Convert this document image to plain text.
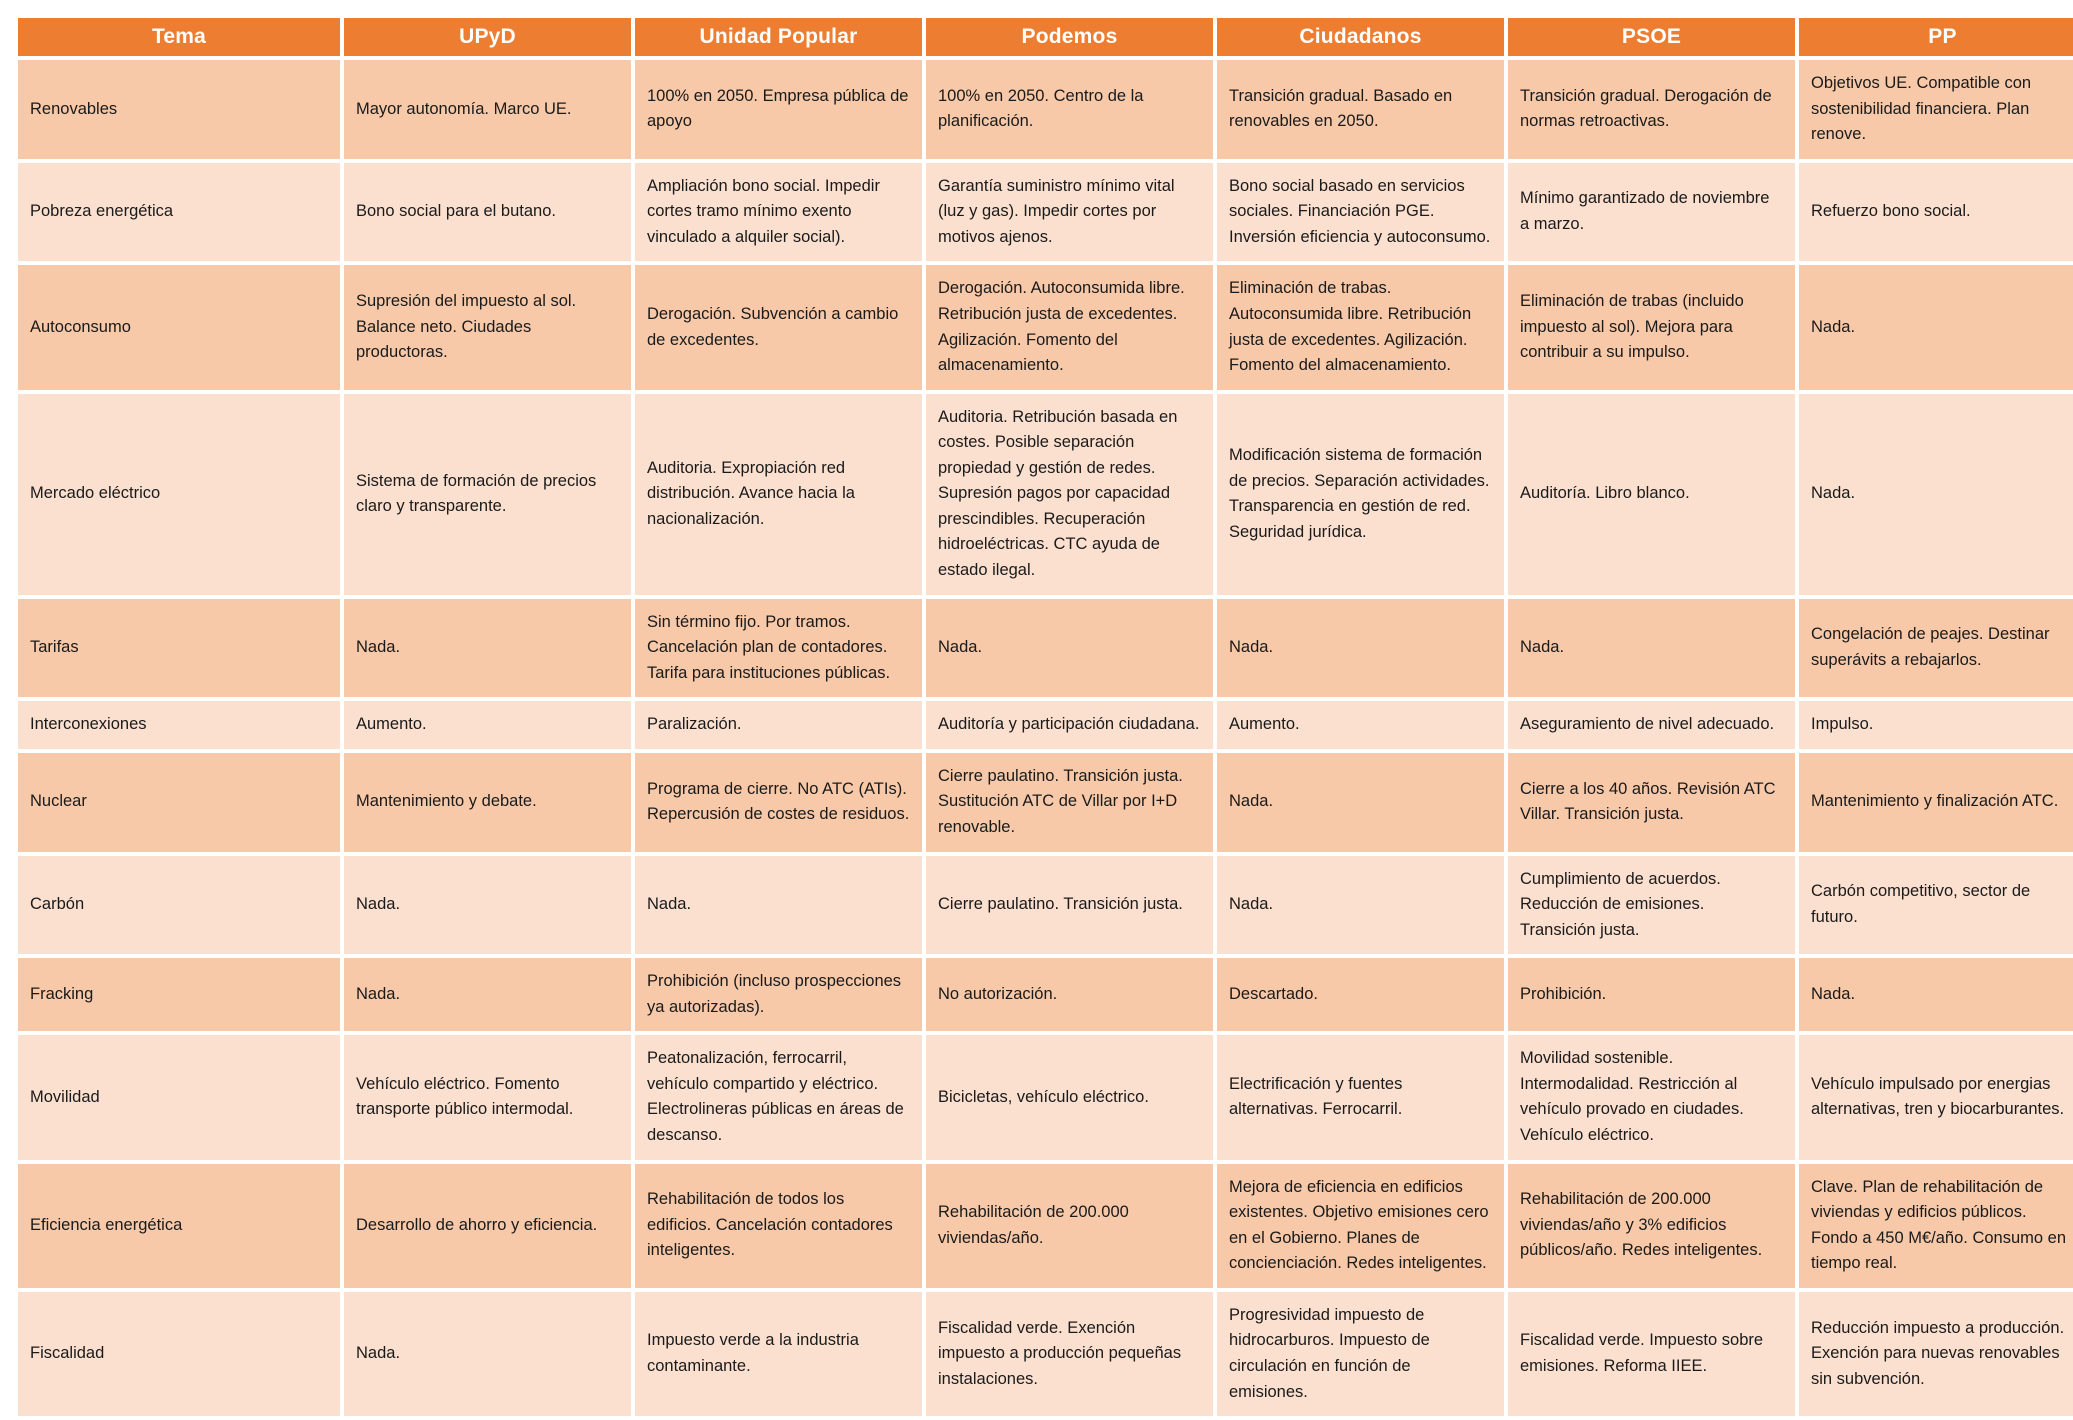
Tema	UPyD	Unidad Popular	Podemos	Ciudadanos	PSOE	PP
Renovables	Mayor autonomía. Marco UE.	100% en 2050. Empresa pública de apoyo	100% en 2050. Centro de la planificación.	Transición gradual. Basado en renovables en 2050.	Transición gradual. Derogación de normas retroactivas.	Objetivos UE. Compatible con sostenibilidad financiera. Plan renove.
Pobreza energética	Bono social para el butano.	Ampliación bono social. Impedir cortes tramo mínimo exento vinculado a alquiler social).	Garantía suministro mínimo vital (luz y gas). Impedir cortes por motivos ajenos.	Bono social basado en servicios sociales. Financiación PGE. Inversión eficiencia y autoconsumo.	Mínimo garantizado de noviembre a marzo.	Refuerzo bono social.
Autoconsumo	Supresión del impuesto al sol. Balance neto. Ciudades productoras.	Derogación. Subvención a cambio de excedentes.	Derogación. Autoconsumida libre. Retribución justa de excedentes. Agilización. Fomento del almacenamiento.	Eliminación de trabas. Autoconsumida libre. Retribución justa de excedentes. Agilización. Fomento del almacenamiento.	Eliminación de trabas (incluido impuesto al sol). Mejora para contribuir a su impulso.	Nada.
Mercado eléctrico	Sistema de formación de precios claro y transparente.	Auditoria. Expropiación red distribución. Avance hacia la nacionalización.	Auditoria. Retribución basada en costes. Posible separación propiedad y gestión de redes. Supresión pagos por capacidad prescindibles. Recuperación hidroeléctricas. CTC ayuda de estado ilegal.	Modificación sistema de formación de precios. Separación actividades. Transparencia en gestión de red. Seguridad jurídica.	Auditoría. Libro blanco.	Nada.
Tarifas	Nada.	Sin término fijo. Por tramos. Cancelación plan de contadores. Tarifa para instituciones públicas.	Nada.	Nada.	Nada.	Congelación de peajes. Destinar superávits a rebajarlos.
Interconexiones	Aumento.	Paralización.	Auditoría y participación ciudadana.	Aumento.	Aseguramiento de nivel adecuado.	Impulso.
Nuclear	Mantenimiento y debate.	Programa de cierre. No ATC (ATIs). Repercusión de costes de residuos.	Cierre paulatino. Transición justa. Sustitución ATC de Villar por I+D renovable.	Nada.	Cierre a los 40 años. Revisión ATC Villar. Transición justa.	Mantenimiento y finalización ATC.
Carbón	Nada.	Nada.	Cierre paulatino. Transición justa.	Nada.	Cumplimiento de acuerdos. Reducción de emisiones. Transición justa.	Carbón competitivo, sector de futuro.
Fracking	Nada.	Prohibición (incluso prospecciones ya autorizadas).	No autorización.	Descartado.	Prohibición.	Nada.
Movilidad	Vehículo eléctrico. Fomento transporte público intermodal.	Peatonalización, ferrocarril, vehículo compartido y eléctrico. Electrolineras públicas en áreas de descanso.	Bicicletas, vehículo eléctrico.	Electrificación y fuentes alternativas. Ferrocarril.	Movilidad sostenible. Intermodalidad. Restricción al vehículo provado en ciudades. Vehículo eléctrico.	Vehículo impulsado por energias alternativas, tren y biocarburantes.
Eficiencia energética	Desarrollo de ahorro y eficiencia.	Rehabilitación de todos los edificios. Cancelación contadores inteligentes.	Rehabilitación de 200.000 viviendas/año.	Mejora de eficiencia en edificios existentes. Objetivo emisiones cero en el Gobierno. Planes de concienciación. Redes inteligentes.	Rehabilitación de 200.000 viviendas/año y 3% edificios públicos/año. Redes inteligentes.	Clave. Plan de rehabilitación de viviendas y edificios públicos. Fondo a 450 M€/año. Consumo en tiempo real.
Fiscalidad	Nada.	Impuesto verde a la industria contaminante.	Fiscalidad verde. Exención impuesto a producción pequeñas instalaciones.	Progresividad impuesto de hidrocarburos. Impuesto de circulación en función de emisiones.	Fiscalidad verde. Impuesto sobre emisiones. Reforma IIEE.	Reducción impuesto a producción. Exención para nuevas renovables sin subvención.
